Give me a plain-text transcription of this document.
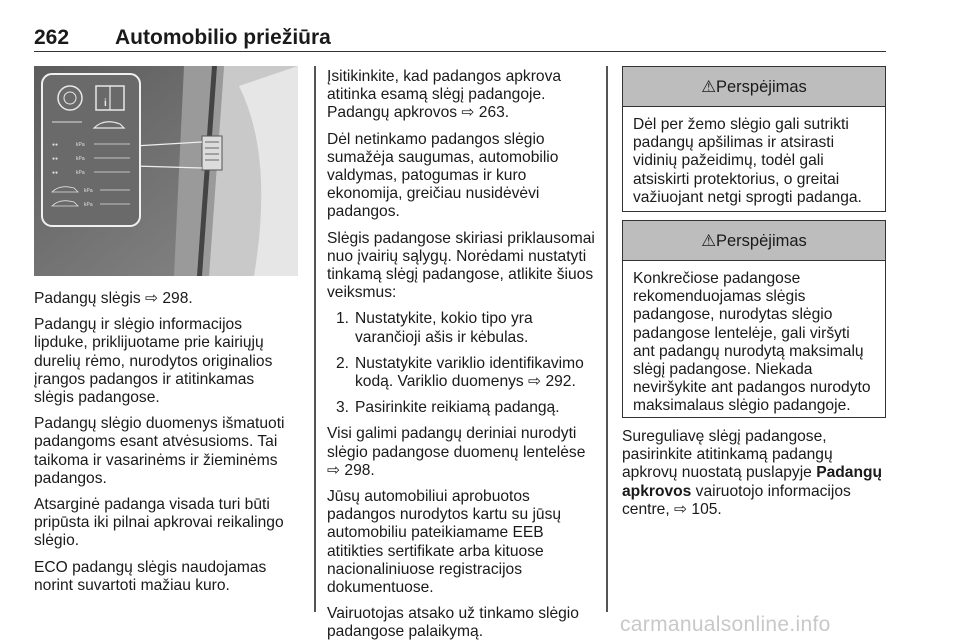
262 Automobilio priežiūra
i
●●	kPa
●●	kPa
●●	kPa
kPa
kPa

Padangų slėgis ⇨ 298.

Padangų ir slėgio informacijos lipduke, priklijuotame prie kairiųjų durelių rėmo, nurodytos originalios įrangos padangos ir atitinkamas slėgis padangose.

Padangų slėgio duomenys išmatuoti padangoms esant atvėsusioms. Tai taikoma ir vasarinėms ir žieminėms padangos.

Atsarginė padanga visada turi būti pripūsta iki pilnai apkrovai reikalingo slėgio.

ECO padangų slėgis naudojamas norint suvartoti mažiau kuro.

Įsitikinkite, kad padangos apkrova atitinka esamą slėgį padangoje. Padangų apkrovos ⇨ 263.

Dėl netinkamo padangos slėgio sumažėja saugumas, automobilio valdymas, patogumas ir kuro ekonomija, greičiau nusidėvėvi padangos.

Slėgis padangose skiriasi priklausomai nuo įvairių sąlygų. Norėdami nustatyti tinkamą slėgį padangose, atlikite šiuos veiksmus:

1. Nustatykite, kokio tipo yra varančioji ašis ir kėbulas.
2. Nustatykite variklio identifikavimo kodą. Variklio duomenys ⇨ 292.
3. Pasirinkite reikiamą padangą.

Visi galimi padangų deriniai nurodyti slėgio padangose duomenų lentelėse ⇨ 298.

Jūsų automobiliui aprobuotos padangos nurodytos kartu su jūsų automobiliu pateikiamame EEB atitikties sertifikate arba kituose nacionaliniuose registracijos dokumentuose.

Vairuotojas atsako už tinkamo slėgio padangose palaikymą.

⚠Perspėjimas
Dėl per žemo slėgio gali sutrikti padangų apšilimas ir atsirasti vidinių pažeidimų, todėl gali atsiskirti protektorius, o greitai važiuojant netgi sprogti padanga.
⚠Perspėjimas
Konkrečiose padangose rekomenduojamas slėgis padangose, nurodytas slėgio padangose lentelėje, gali viršyti ant padangų nurodytą maksimalų slėgį padangose. Niekada neviršykite ant padangos nurodyto maksimalaus slėgio padangoje.

Sureguliavę slėgį padangose, pasirinkite atitinkamą padangų apkrovų nuostatą puslapyje Padangų apkrovos vairuotojo informacijos centre, ⇨ 105.

carmanualsonline.info
